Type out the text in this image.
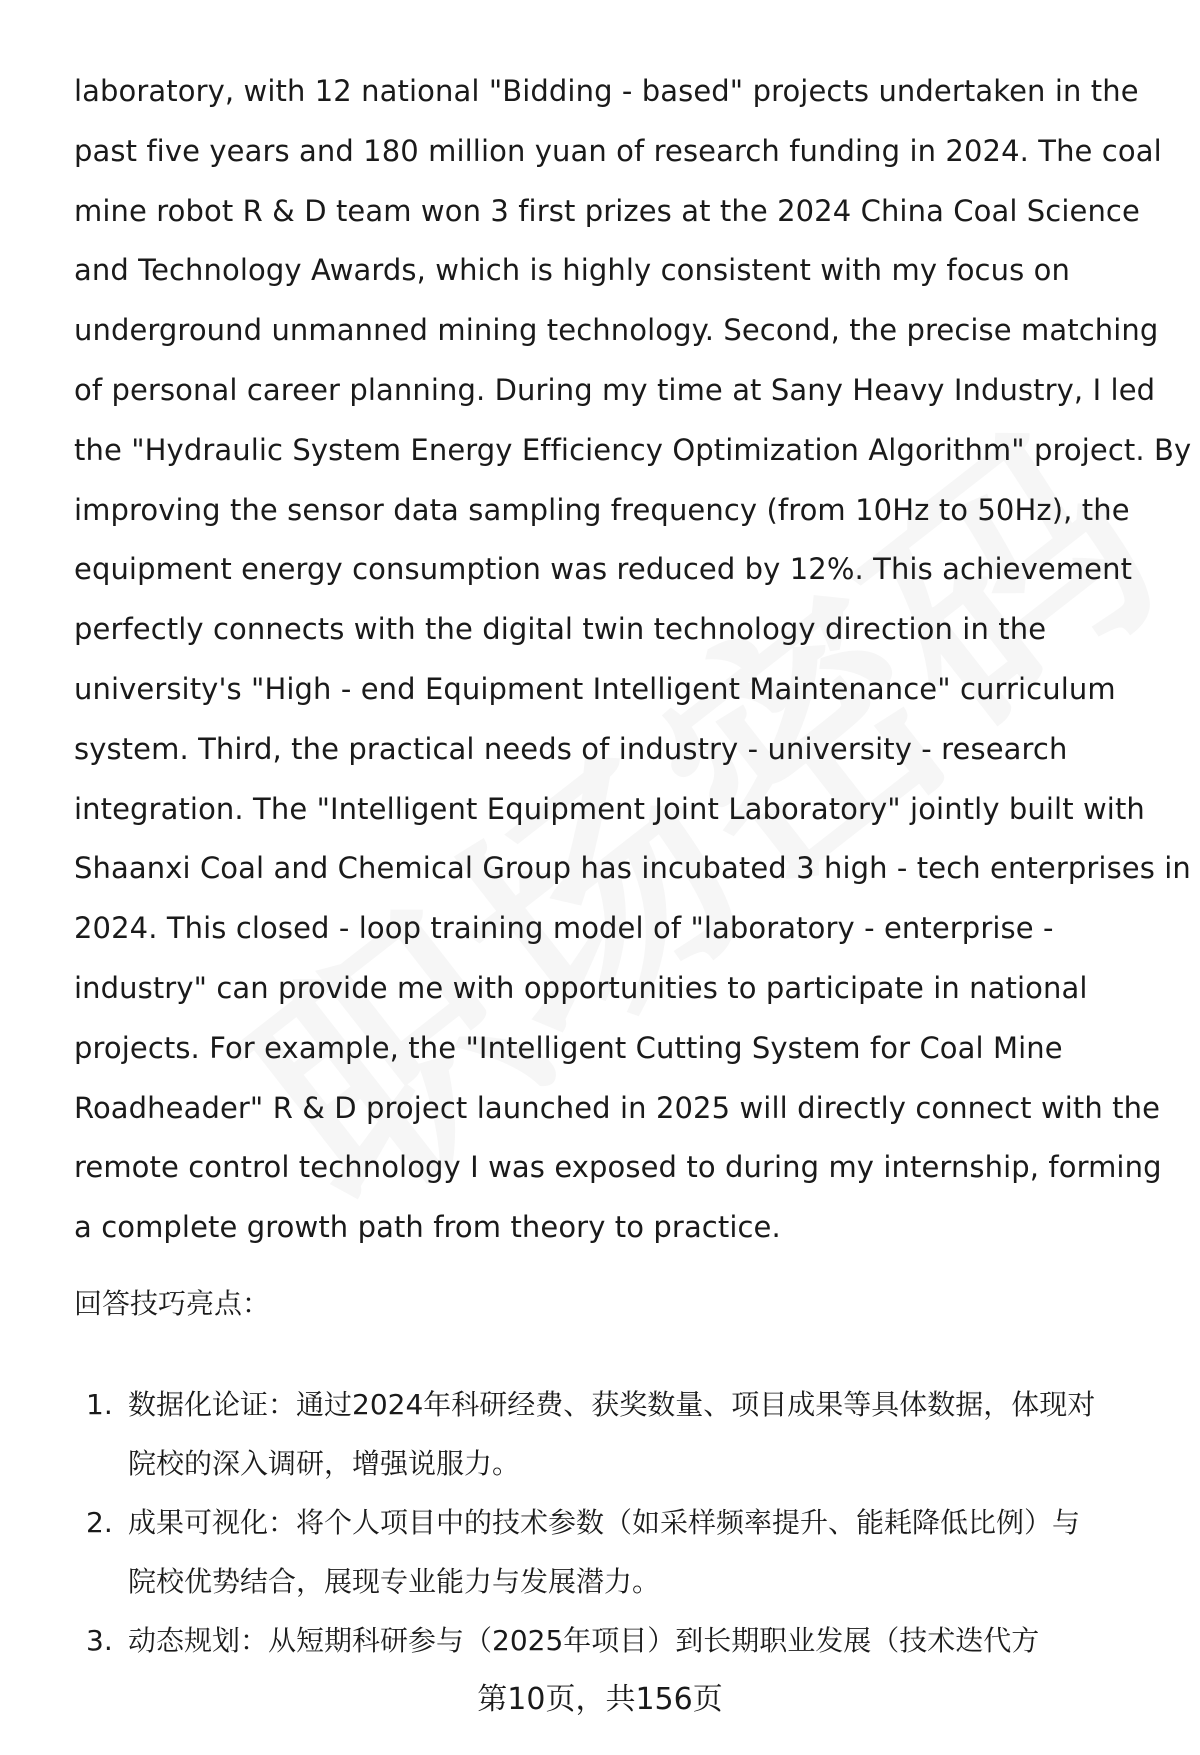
laboratory, with 12 national "Bidding - based" projects undertaken in the
past five years and 180 million yuan of research funding in 2024. The coal
mine robot R & D team won 3 first prizes at the 2024 China Coal Science
and Technology Awards, which is highly consistent with my focus on
underground unmanned mining technology. Second, the precise matching
of personal career planning. During my time at Sany Heavy Industry, I led
the "Hydraulic System Energy Efficiency Optimization Algorithm" project. By
improving the sensor data sampling frequency (from 10Hz to 50Hz), the
equipment energy consumption was reduced by 12%. This achievement
perfectly connects with the digital twin technology direction in the
university's "High - end Equipment Intelligent Maintenance" curriculum
system. Third, the practical needs of industry - university - research
integration. The "Intelligent Equipment Joint Laboratory" jointly built with
Shaanxi Coal and Chemical Group has incubated 3 high - tech enterprises in
2024. This closed - loop training model of "laboratory - enterprise -
industry" can provide me with opportunities to participate in national
projects. For example, the "Intelligent Cutting System for Coal Mine
Roadheader" R & D project launched in 2025 will directly connect with the
remote control technology I was exposed to during my internship, forming
a complete growth path from theory to practice.

回答技巧亮点：

1. 数据化论证：通过2024年科研经费、获奖数量、项目成果等具体数据，体现对
院校的深入调研，增强说服力。
2. 成果可视化：将个人项目中的技术参数（如采样频率提升、能耗降低比例）与
院校优势结合，展现专业能力与发展潜力。
3. 动态规划：从短期科研参与（2025年项目）到长期职业发展（技术迭代方
第10页，共156页
